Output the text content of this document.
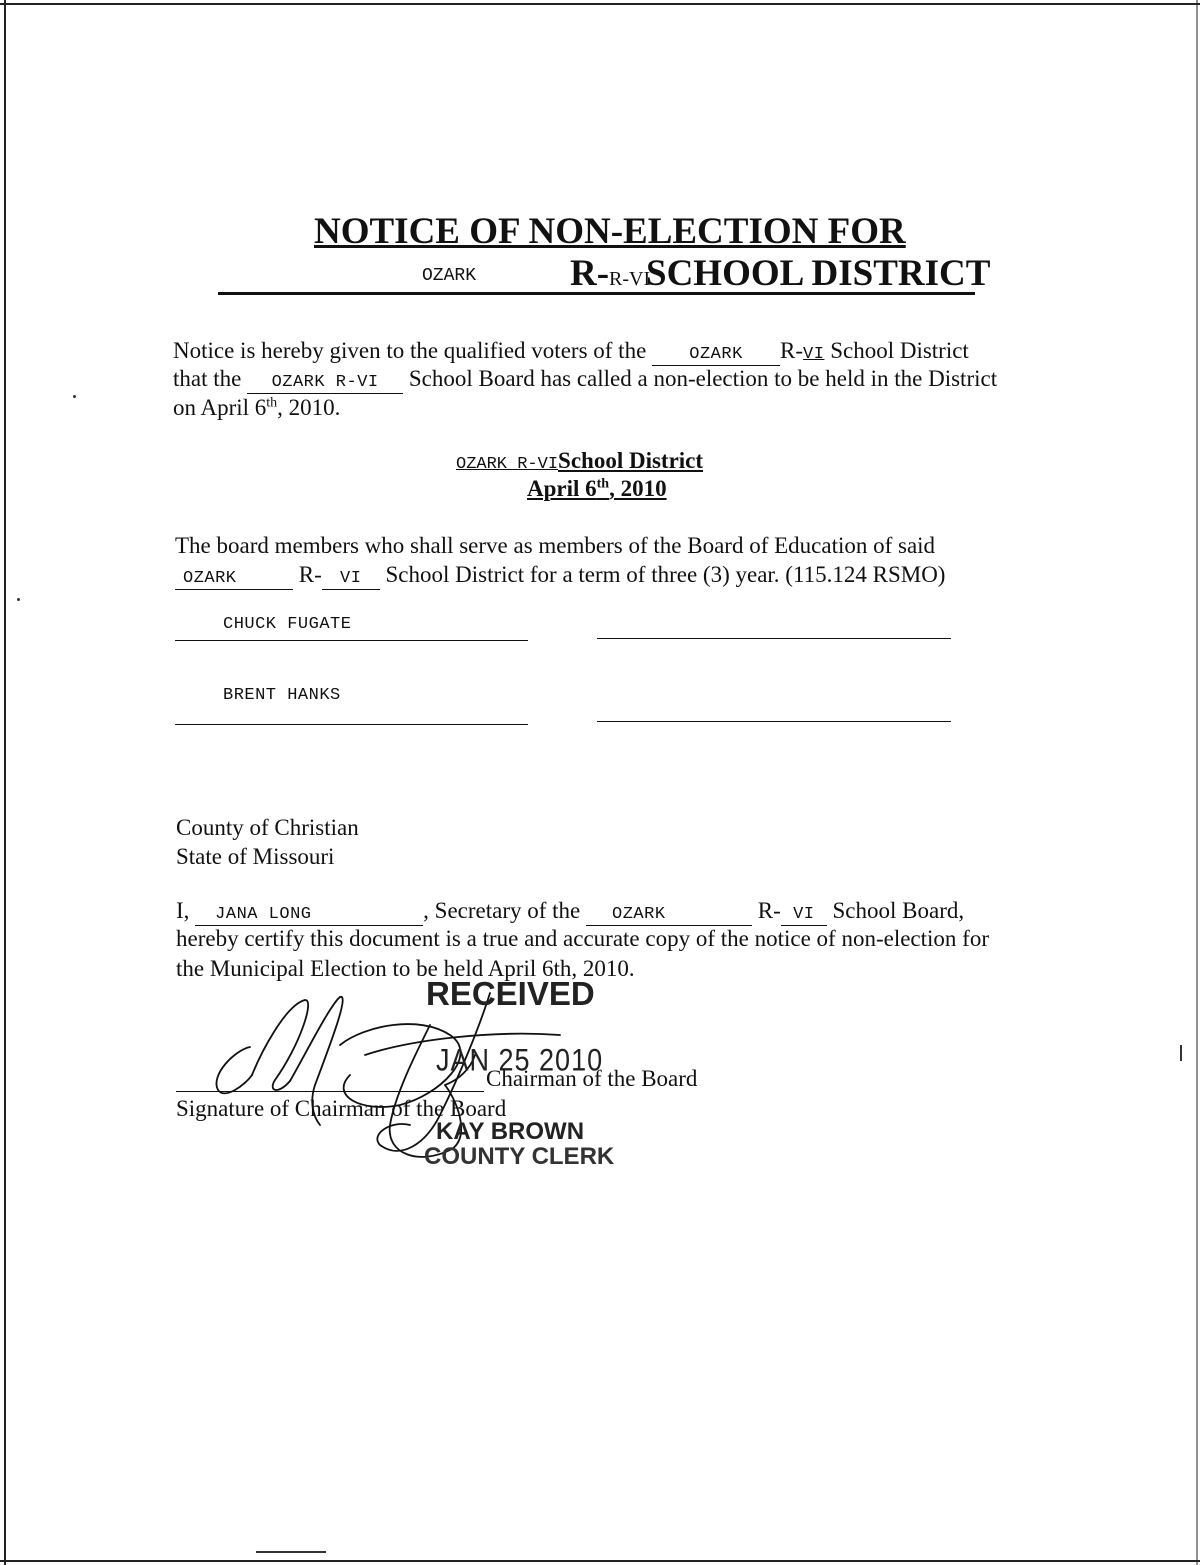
NOTICE OF NON-ELECTION FOR
OZARK	R-R-VI
SCHOOL DISTRICT
Notice is hereby given to the qualified voters of the	OZARK R-VI School District
that the OZARK R-VI School Board has called a non-election to be held in the District
on April 6th, 2010.
OZARK R-VISchool District
April 6th, 2010
The board members who shall serve as members of the Board of Education of said
OZARK	R- VI School District for a term of three (3) year. (115.124 RSMO)
CHUCK FUGATE
BRENT HANKS
County of Christian
State of Missouri
I, JANA LONG	, Secretary of the OZARK	R- VI School Board,
hereby certify this document is a true and accurate copy of the notice of non-election for
the Municipal Election to be held April 6th, 2010.
Chairman of the Board
Signature of Chairman of the Board
RECEIVED
JAN 25 2010
KAY BROWN
COUNTY CLERK
